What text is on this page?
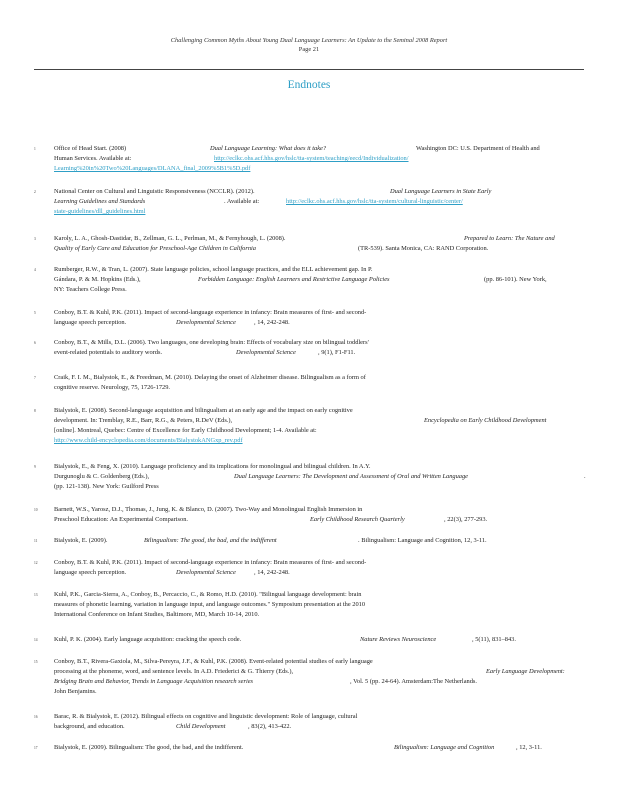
Challenging Common Myths About Young Dual Language Learners: An Update to the Seminal 2008 Report
Page 21
Endnotes
1	Office of Head Start. (2008)	Dual Language Learning: What does it take?	Washington DC: U.S. Department of Health and
Human Services. Available at:	http://eclkc.ohs.acf.hhs.gov/hslc/tta-system/teaching/eecd/Individualization/
Learning%20in%20Two%20Languages/DLANA_final_2009%5B1%5D.pdf
2	National Center on Cultural and Linguistic Responsiveness (NCCLR). (2012).	Dual Language Learners in State Early
Learning Guidelines and Standards	. Available at:	http://eclkc.ohs.acf.hhs.gov/hslc/tta-system/cultural-linguistic/center/
state-guidelines/dll_guidelines.html
3	Karoly, L. A., Ghosh-Dastidar, B., Zellman, G. L., Perlman, M., & Fernyhough, L. (2008).	Prepared to Learn: The Nature and
Quality of Early Care and Education for Preschool-Age Children in California	(TR-539). Santa Monica, CA: RAND Corporation.
4	Rumberger, R.W., & Tran, L. (2007). State language policies, school language practices, and the ELL achievement gap. In P.
Gándara, P. & M. Hopkins (Eds.),	Forbidden Language: English Learners and Restrictive Language Policies	(pp. 86-101). New York,
NY: Teachers College Press.
5	Conboy, B.T. & Kuhl, P.K. (2011). Impact of second-language experience in infancy: Brain measures of first- and second-
language speech perception.	Developmental Science	, 14, 242-248.
6	Conboy, B.T., & Mills, D.L. (2006). Two languages, one developing brain: Effects of vocabulary size on bilingual toddlers'
event-related potentials to auditory words.	Developmental Science	, 9(1), F1-F11.
7	Craik, F. I. M., Bialystok, E., & Freedman, M. (2010). Delaying the onset of Alzheimer disease. Bilingualism as a form of
cognitive reserve. Neurology, 75, 1726-1729.
8	Bialystok, E. (2008). Second-language acquisition and bilingualism at an early age and the impact on early cognitive
development. In: Tremblay, R.E., Barr, R.G., & Peters, R.DeV (Eds.),	Encyclopedia on Early Childhood Development
[online]. Montreal, Quebec: Centre of Excellence for Early Childhood Development; 1-4. Available at:
http://www.child-encyclopedia.com/documents/BialystokANGxp_rev.pdf
9	Bialystok, E., & Feng, X. (2010). Language proficiency and its implications for monolingual and bilingual children. In A.Y.
Durgunoglu & C. Goldenberg (Eds.),	Dual Language Learners: The Development and Assessment of Oral and Written Language	.
(pp. 121-138). New York: Guilford Press
10	Barnett, W.S., Yarosz, D.J., Thomas, J., Jung, K. & Blanco, D. (2007). Two-Way and Monolingual English Immersion in
Preschool Education: An Experimental Comparison.	Early Childhood Research Quarterly	, 22(3), 277-293.
11	Bialystok, E. (2009).	Bilingualism: The good, the bad, and the indifferent	. Bilingualism: Language and Cognition, 12, 3-11.
12	Conboy, B.T. & Kuhl, P.K. (2011). Impact of second-language experience in infancy: Brain measures of first- and second-
language speech perception.	Developmental Science	, 14, 242-248.
13	Kuhl, P.K., Garcia-Sierra, A., Conboy, B., Percaccio, C., & Romo, H.D. (2010). "Bilingual language development: brain
measures of phonetic learning, variation in language input, and language outcomes." Symposium presentation at the 2010
International Conference on Infant Studies, Baltimore, MD, March 10-14, 2010.
14	Kuhl, P. K. (2004). Early language acquisition: cracking the speech code.	Nature Reviews Neuroscience	, 5(11), 831–843.
15	Conboy, B.T., Rivera-Gaxiola, M., Silva-Pereyra, J.F., & Kuhl, P.K. (2008). Event-related potential studies of early language
processing at the phoneme, word, and sentence levels. In A.D. Friederici & G. Thierry (Eds.),	Early Language Development:
Bridging Brain and Behavior, Trends in Language Acquisition research series	, Vol. 5 (pp. 24-64). Amsterdam:The Netherlands.
John Benjamins.
16	Barac, R. & Bialystok, E. (2012). Bilingual effects on cognitive and linguistic development: Role of language, cultural
background, and education.	Child Development	, 83(2), 413-422.
17	Bialystok, E. (2009). Bilingualism: The good, the bad, and the indifferent.	Bilingualism: Language and Cognition	, 12, 3-11.
